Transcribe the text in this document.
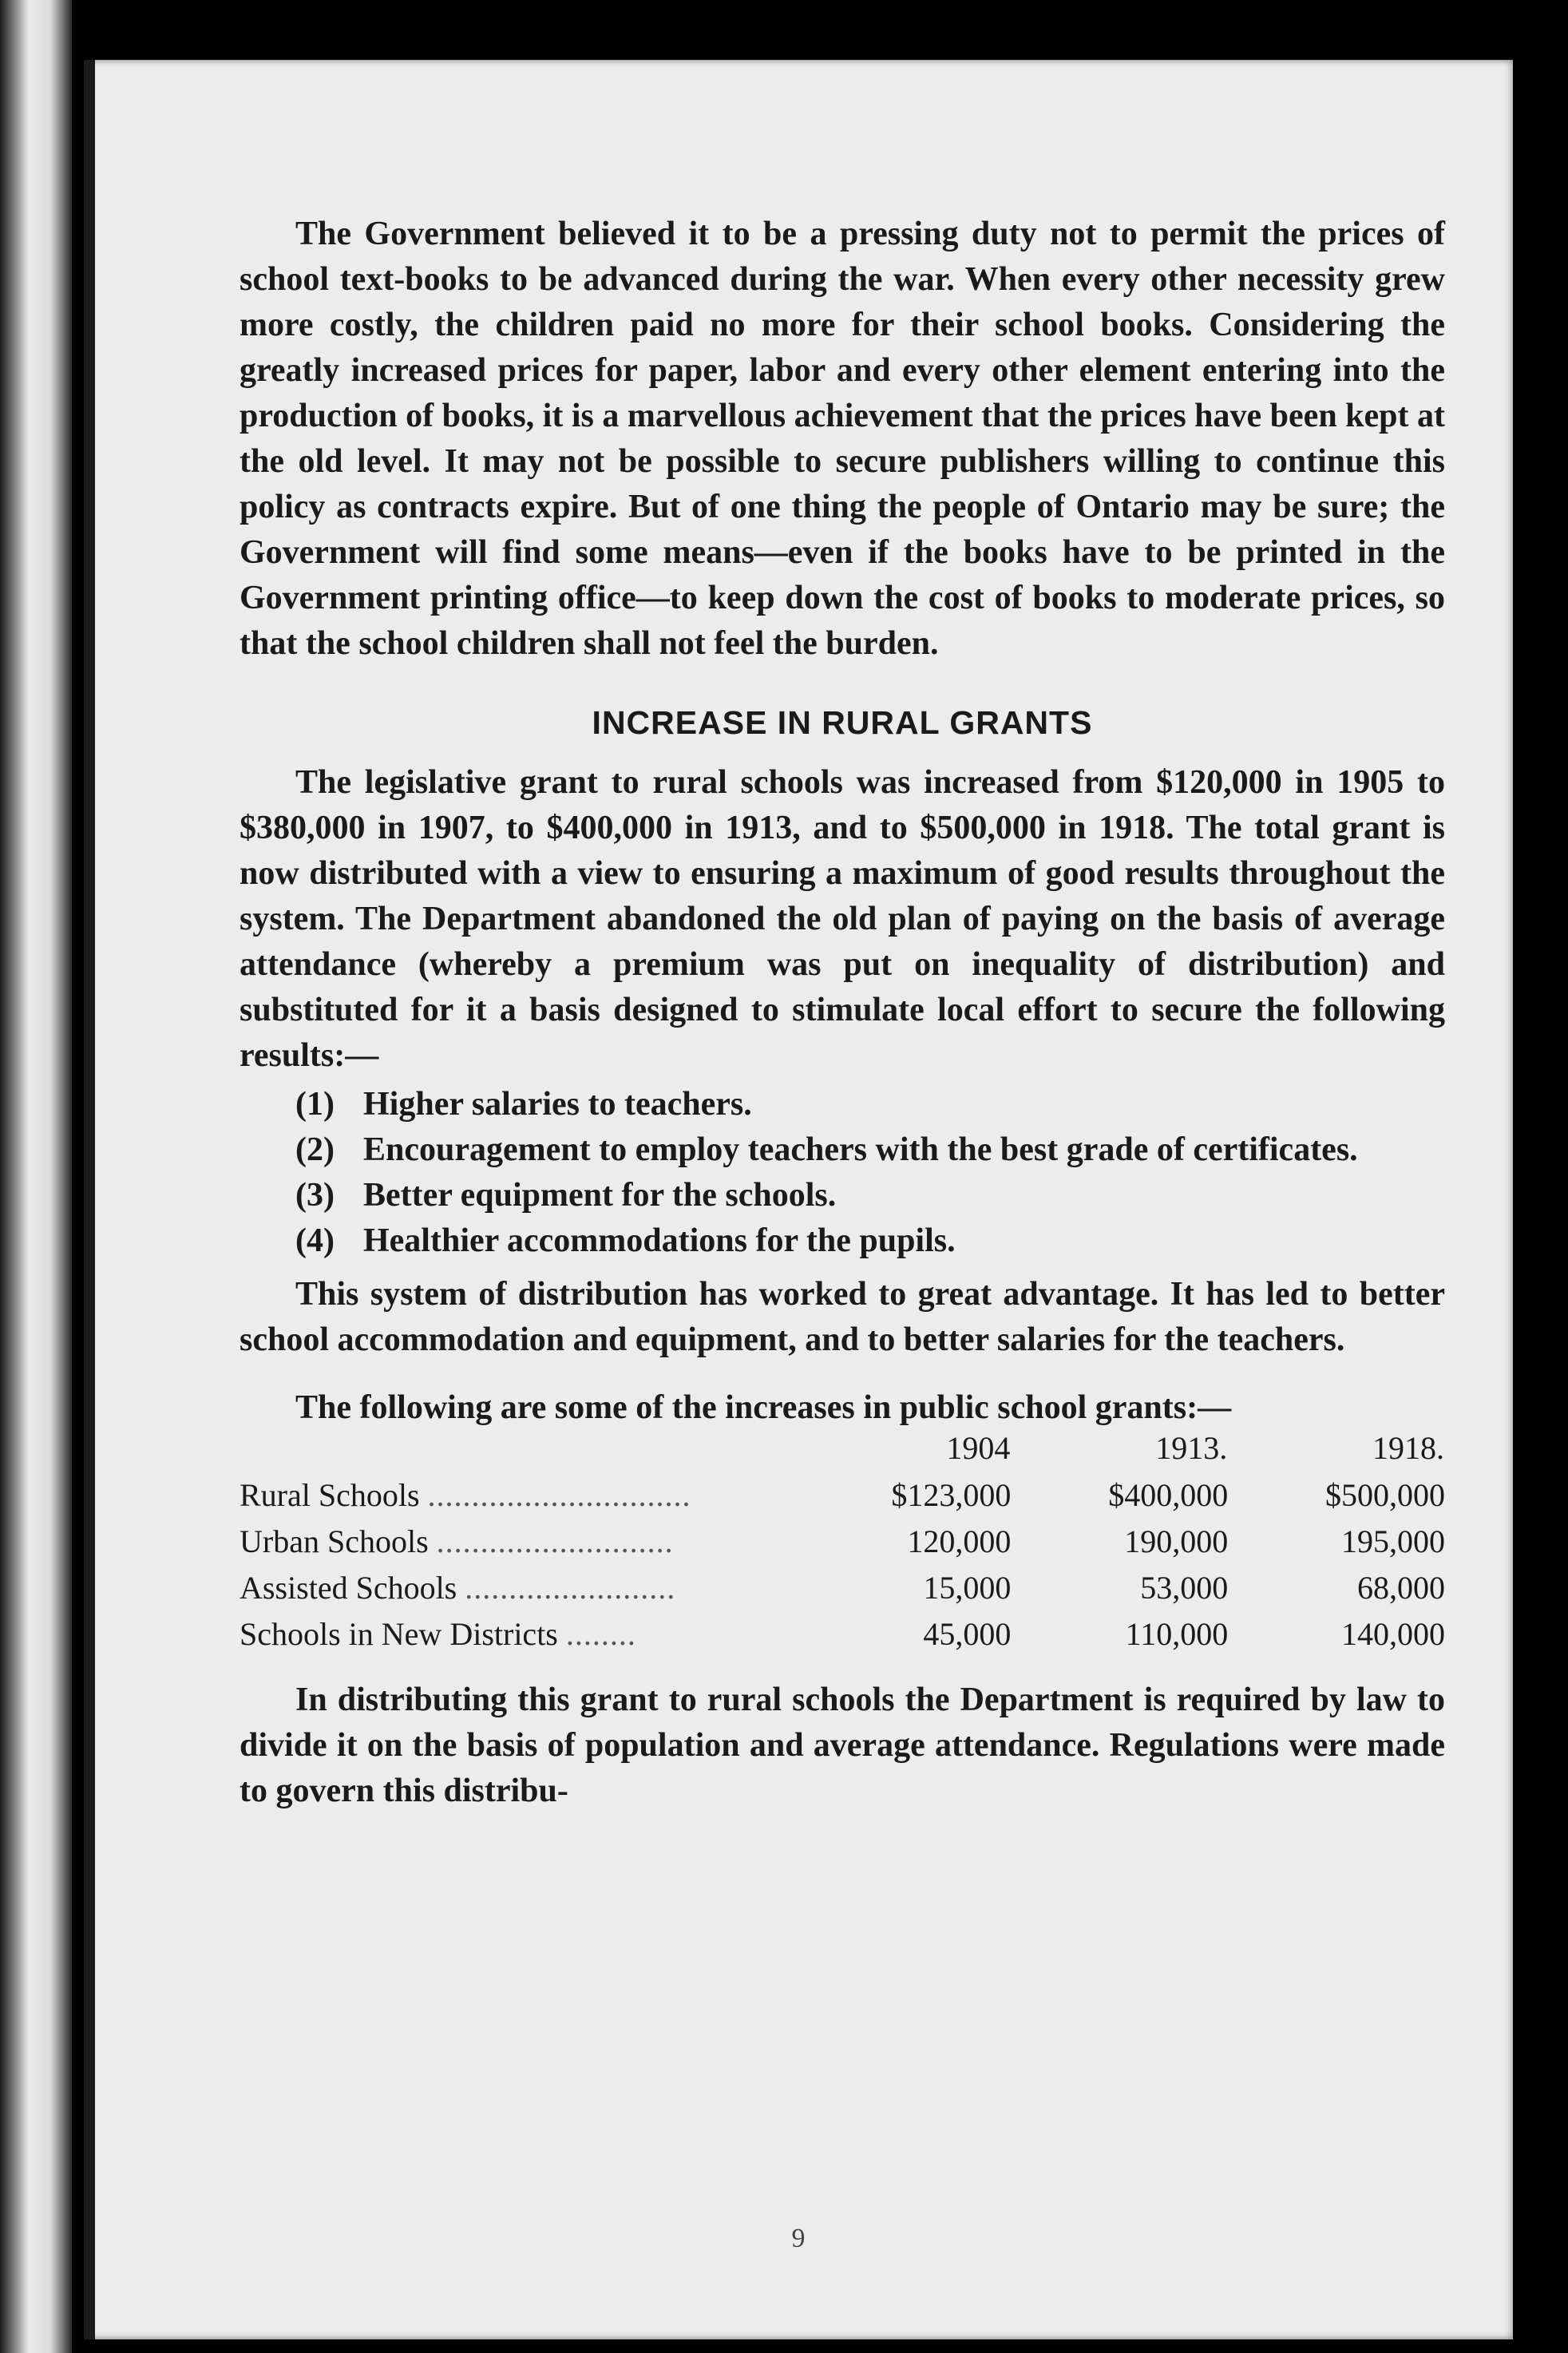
The Government believed it to be a pressing duty not to permit the prices of school text-books to be advanced during the war. When every other necessity grew more costly, the children paid no more for their school books. Considering the greatly increased prices for paper, labor and every other element entering into the production of books, it is a marvellous achievement that the prices have been kept at the old level. It may not be possible to secure publishers willing to continue this policy as contracts expire. But of one thing the people of Ontario may be sure; the Government will find some means—even if the books have to be printed in the Government printing office—to keep down the cost of books to moderate prices, so that the school children shall not feel the burden.

INCREASE IN RURAL GRANTS

The legislative grant to rural schools was increased from $120,000 in 1905 to $380,000 in 1907, to $400,000 in 1913, and to $500,000 in 1918. The total grant is now distributed with a view to ensuring a maximum of good results throughout the system. The Department abandoned the old plan of paying on the basis of average attendance (whereby a premium was put on inequality of distribution) and substituted for it a basis designed to stimulate local effort to secure the following results:—

(1) Higher salaries to teachers.
(2) Encouragement to employ teachers with the best grade of certificates.
(3) Better equipment for the schools.
(4) Healthier accommodations for the pupils.

This system of distribution has worked to great advantage. It has led to better school accommodation and equipment, and to better salaries for the teachers.

The following are some of the increases in public school grants:—

	1904	1913.	1918.
Rural Schools ..............................	$123,000	$400,000	$500,000
Urban Schools ...........................	120,000	190,000	195,000
Assisted Schools ........................	15,000	53,000	68,000
Schools in New Districts ........	45,000	110,000	140,000

In distributing this grant to rural schools the Department is required by law to divide it on the basis of population and average attendance. Regulations were made to govern this distribu-

9
